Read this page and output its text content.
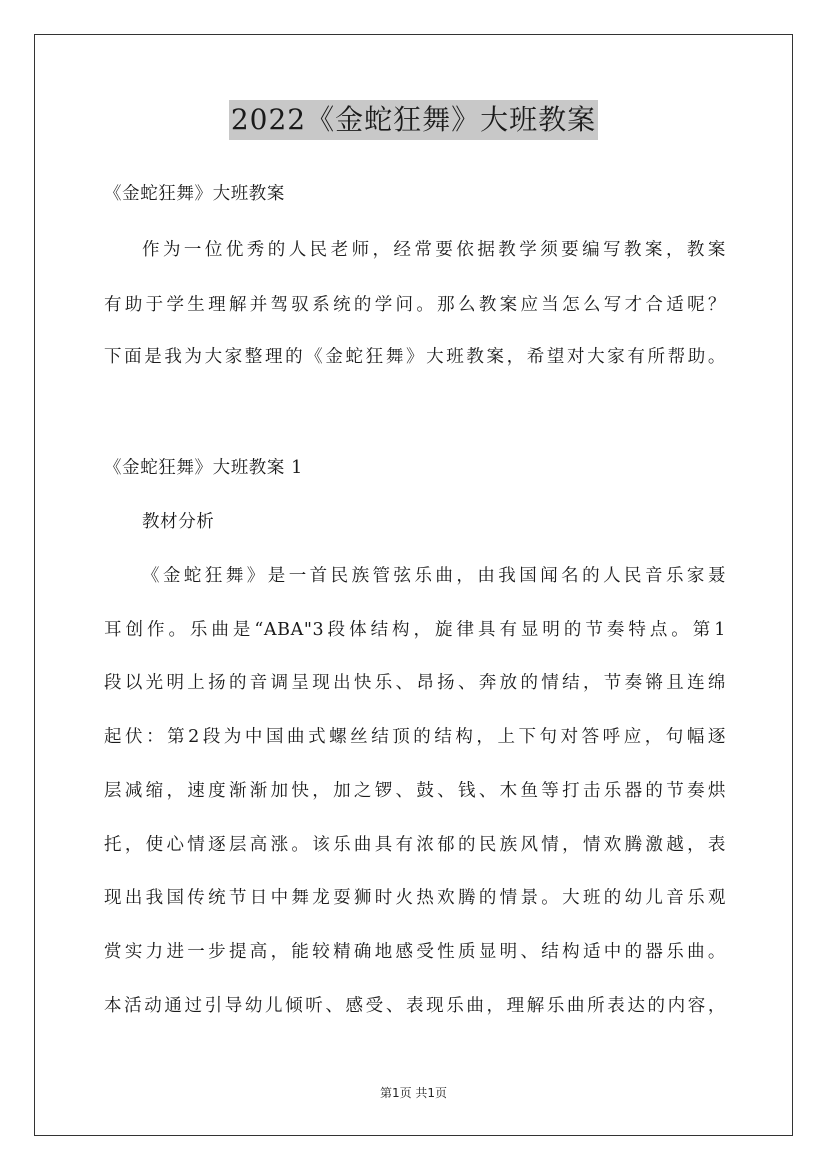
2022《金蛇狂舞》大班教案
《金蛇狂舞》大班教案
作为一位优秀的人民老师，经常要依据教学须要编写教案，教案
有助于学生理解并驾驭系统的学问。那么教案应当怎么写才合适呢？
下面是我为大家整理的《金蛇狂舞》大班教案，希望对大家有所帮助。
《金蛇狂舞》大班教案 1
教材分析
《金蛇狂舞》是一首民族管弦乐曲，由我国闻名的人民音乐家聂
耳创作。乐曲是“ABA"3段体结构，旋律具有显明的节奏特点。第1
段以光明上扬的音调呈现出快乐、昂扬、奔放的情结，节奏锵且连绵
起伏：第2段为中国曲式螺丝结顶的结构，上下句对答呼应，句幅逐
层减缩，速度渐渐加快，加之锣、鼓、钱、木鱼等打击乐器的节奏烘
托，使心情逐层高涨。该乐曲具有浓郁的民族风情，情欢腾激越，表
现出我国传统节日中舞龙耍狮时火热欢腾的情景。大班的幼儿音乐观
赏实力进一步提高，能较精确地感受性质显明、结构适中的器乐曲。
本活动通过引导幼儿倾听、感受、表现乐曲，理解乐曲所表达的内容，
第1页 共1页
